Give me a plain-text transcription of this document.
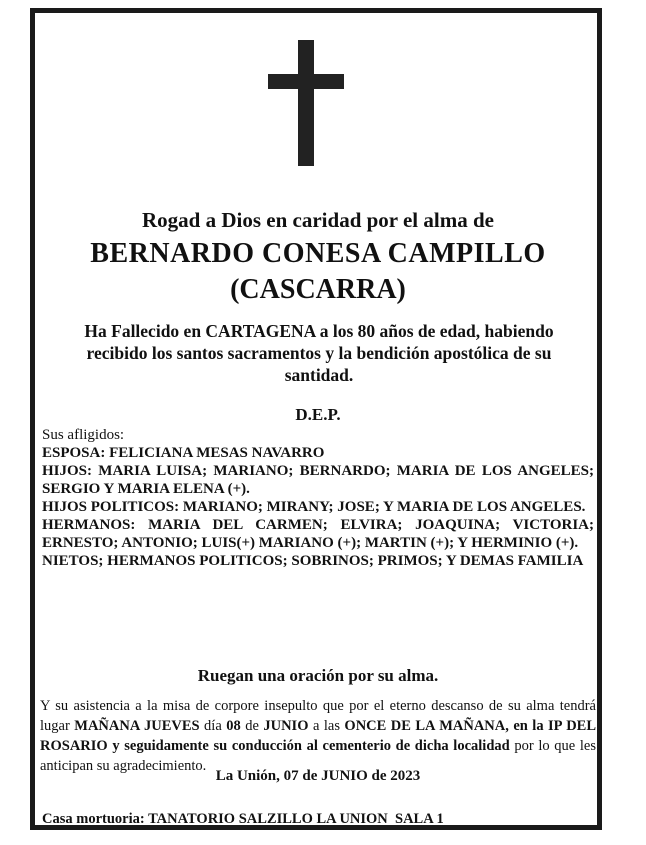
Rogad a Dios en caridad por el alma de
BERNARDO CONESA CAMPILLO
(CASCARRA)
Ha Fallecido en CARTAGENA a los 80 años de edad, habiendo recibido los santos sacramentos y la bendición apostólica de su santidad.
D.E.P.
Sus afligidos:
ESPOSA: FELICIANA MESAS NAVARRO
HIJOS: MARIA LUISA; MARIANO; BERNARDO; MARIA DE LOS ANGELES; SERGIO Y MARIA ELENA (+).
HIJOS POLITICOS: MARIANO; MIRANY; JOSE; Y MARIA DE LOS ANGELES.
HERMANOS: MARIA DEL CARMEN; ELVIRA; JOAQUINA; VICTORIA; ERNESTO; ANTONIO; LUIS(+) MARIANO (+); MARTIN (+); Y HERMINIO (+).
NIETOS; HERMANOS POLITICOS; SOBRINOS; PRIMOS; Y DEMAS FAMILIA
Ruegan una oración por su alma.
Y su asistencia a la misa de corpore insepulto que por el eterno descanso de su alma tendrá lugar MAÑANA JUEVES día 08 de JUNIO a las ONCE DE LA MAÑANA, en la IP DEL ROSARIO y seguidamente su conducción al cementerio de dicha localidad por lo que les anticipan su agradecimiento.
La Unión, 07 de JUNIO de 2023
Casa mortuoria: TANATORIO SALZILLO LA UNION  SALA 1
